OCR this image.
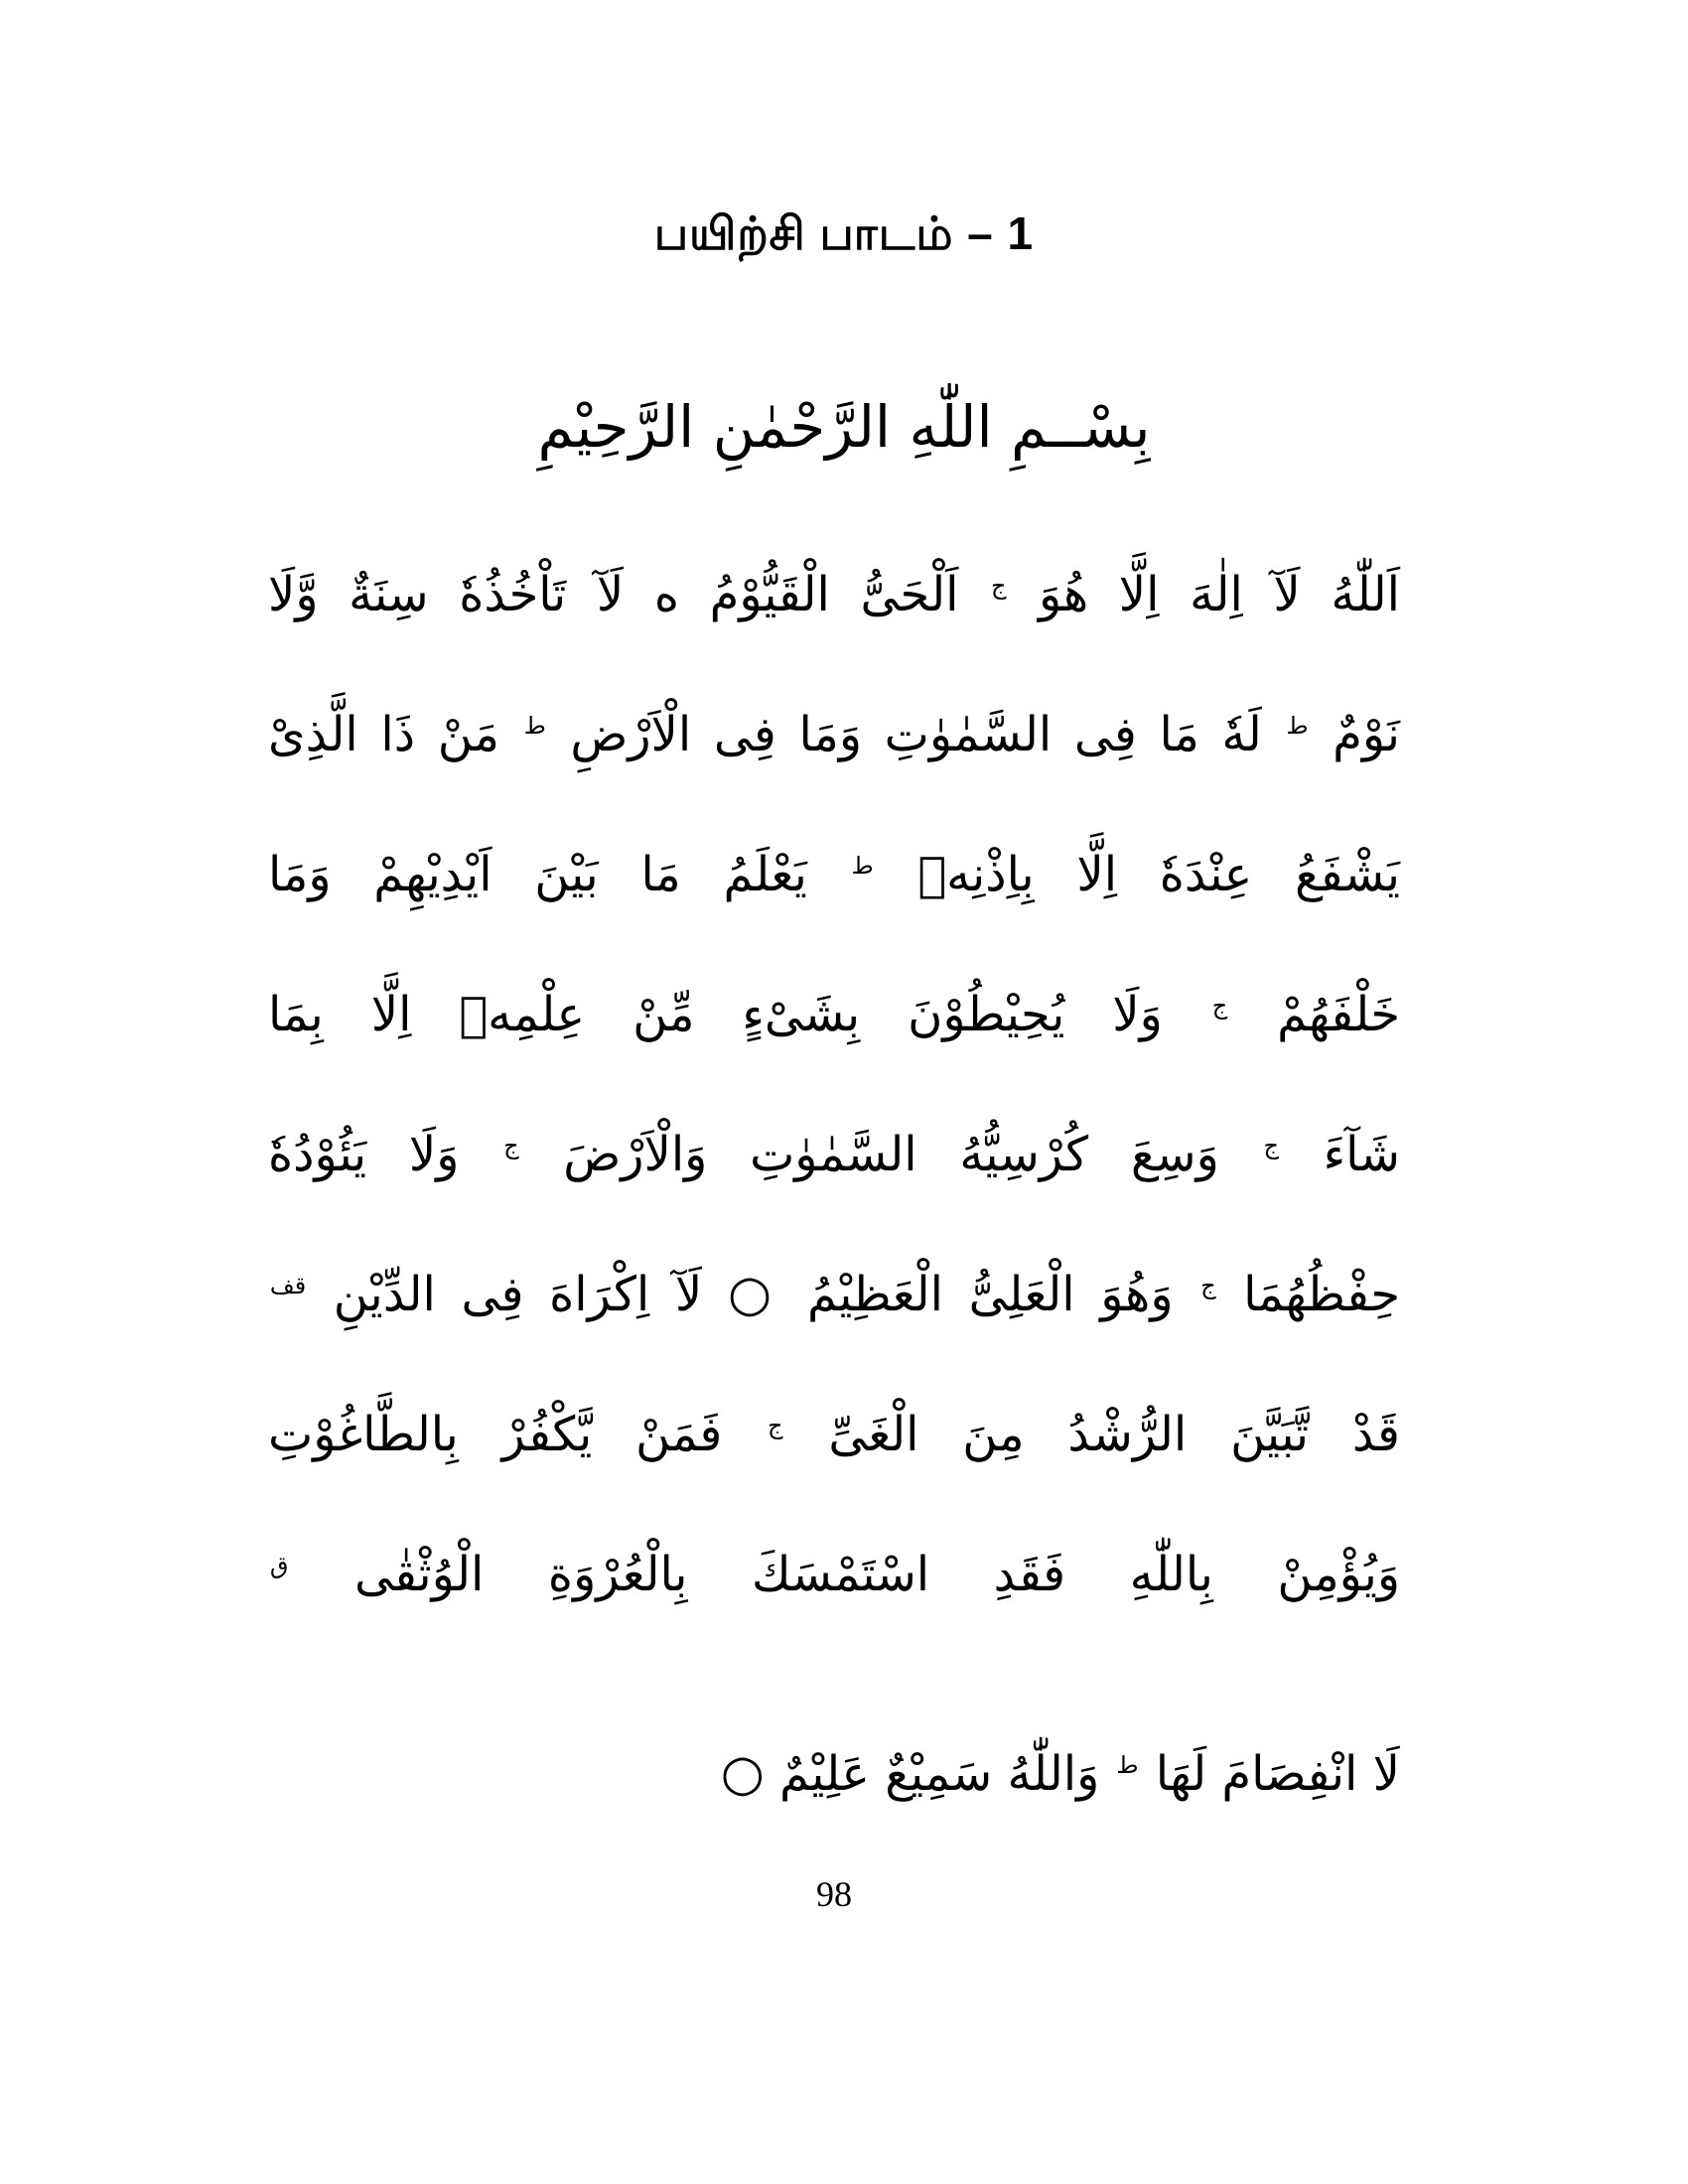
பயிற்சி பாடம் – 1
بِسْــمِ اللّٰهِ الرَّحْمٰنِ الرَّحِیْمِ
اَللّٰهُ لَآ اِلٰهَ اِلَّا هُوَ $^ج$ اَلْحَیُّ الْقَیُّوْمُ ە لَآ تَاْخُذُهٗ سِنَةٌ وَّلَا
نَوْمٌ $^ط$ لَهٗ مَا فِی السَّمٰوٰتِ وَمَا فِی الْاَرْضِ $^ط$ مَنْ ذَا الَّذِیْ
یَشْفَعُ عِنْدَهٗ اِلَّا بِاِذْنِهٖ $^ط$ یَعْلَمُ مَا بَیْنَ اَیْدِیْهِمْ وَمَا
خَلْفَهُمْ $^ج$ وَلَا یُحِیْطُوْنَ بِشَیْءٍ مِّنْ عِلْمِهٖ اِلَّا بِمَا
شَآءَ $^ج$ وَسِعَ كُرْسِیُّهُ السَّمٰوٰتِ وَالْاَرْضَ $^ج$ وَلَا یَئُوْدُهٗ
حِفْظُهُمَا $^ج$ وَهُوَ الْعَلِیُّ الْعَظِیْمُ ○ لَآ اِكْرَاهَ فِی الدِّیْنِ $^{قف}$
قَدْ تَّبَیَّنَ الرُّشْدُ مِنَ الْغَیِّ $^ج$ فَمَنْ یَّكْفُرْ بِالطَّاغُوْتِ
وَیُؤْمِنْ بِاللّٰهِ فَقَدِ اسْتَمْسَكَ بِالْعُرْوَةِ الْوُثْقٰى $^ق$
لَا انْفِصَامَ لَهَا $^ط$ وَاللّٰهُ سَمِیْعٌ عَلِیْمٌ ○
98
